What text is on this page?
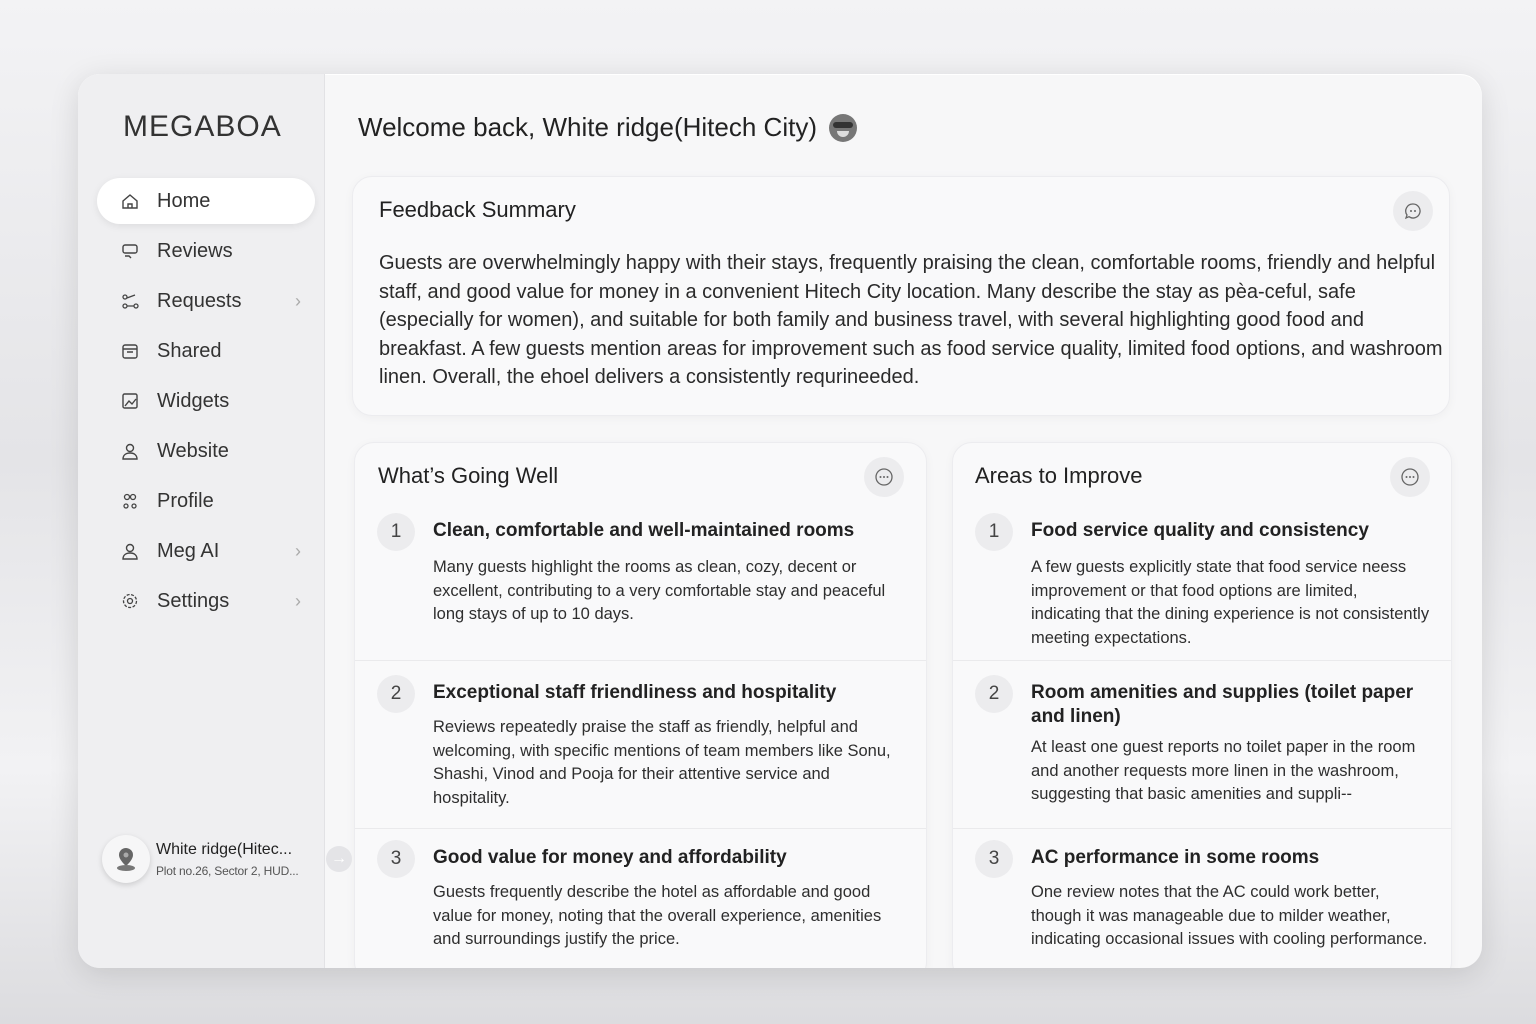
MEGABOA
Home
Reviews
Requests	›
Shared
Widgets
Website
Profile
Meg AI	›
Settings	›
White ridge(Hitec...
Plot no.26, Sector 2, HUD...
→
Welcome back, White ridge(Hitech City)
Feedback Summary
Guests are overwhelmingly happy with their stays, frequently praising the clean, comfortable rooms, friendly and helpful staff, and good value for money in a convenient Hitech City location. Many describe the stay as pèa-ceful, safe (especially for women), and suitable for both family and business travel, with several highlighting good food and breakfast. A few guests mention areas for improvement such as food service quality, limited food options, and washroom linen. Overall, the ehoel delivers a consistently requrineeded.
What’s Going Well
1	Clean, comfortable and well-maintained rooms
Many guests highlight the rooms as clean, cozy, decent or excellent, contributing to a very comfortable stay and peaceful long stays of up to 10 days.
2	Exceptional staff friendliness and hospitality
Reviews repeatedly praise the staff as friendly, helpful and welcoming, with specific mentions of team members like Sonu, Shashi, Vinod and Pooja for their attentive service and hospitality.
3	Good value for money and affordability
Guests frequently describe the hotel as affordable and good value for money, noting that the overall experience, amenities and surroundings justify the price.
Areas to Improve
1	Food service quality and consistency
A few guests explicitly state that food service neess improvement or that food options are limited, indicating that the dining experience is not consistently meeting expectations.
2	Room amenities and supplies (toilet paper and linen)
At least one guest reports no toilet paper in the room and another requests more linen in the washroom, suggesting that basic amenities and suppli--
3	AC performance in some rooms
One review notes that the AC could work better, though it was manageable due to milder weather, indicating occasional issues with cooling performance.
